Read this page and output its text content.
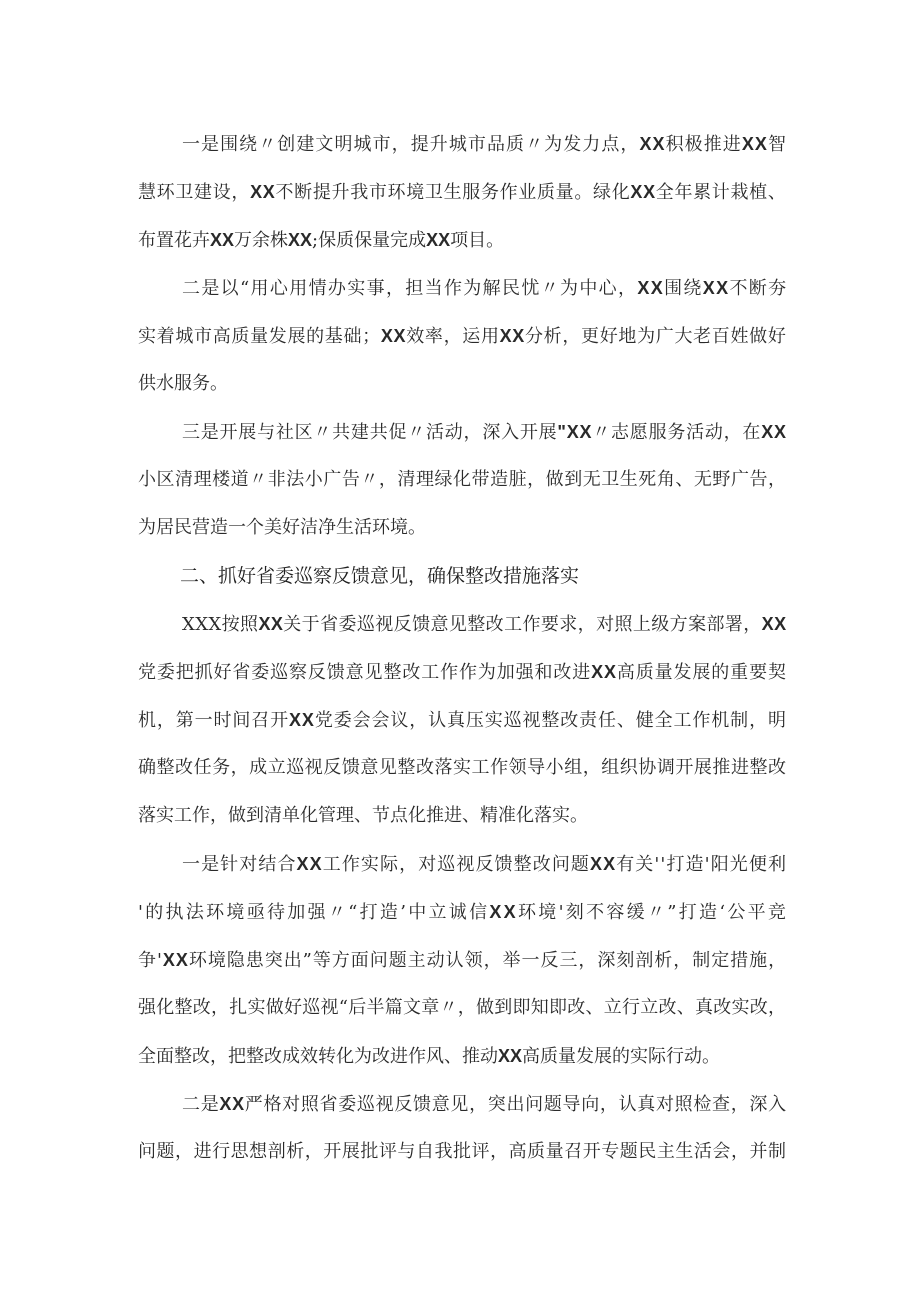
一是围绕〃创建文明城市，提升城市品质〃为发力点，XX积极推进XX智

慧环卫建设，XX不断提升我市环境卫生服务作业质量。绿化XX全年累计栽植、

布置花卉XX万余株XX;保质保量完成XX项目。

二是以“用心用情办实事，担当作为解民忧〃为中心，XX围绕XX不断夯

实着城市高质量发展的基础；XX效率，运用XX分析，更好地为广大老百姓做好

供水服务。

三是开展与社区〃共建共促〃活动，深入开展"XX〃志愿服务活动，在XX

小区清理楼道〃非法小广告〃，清理绿化带造脏，做到无卫生死角、无野广告，

为居民营造一个美好洁净生活环境。

二、抓好省委巡察反馈意见，确保整改措施落实

XXX按照XX关于省委巡视反馈意见整改工作要求，对照上级方案部署，XX

党委把抓好省委巡察反馈意见整改工作作为加强和改进XX高质量发展的重要契

机，第一时间召开XX党委会会议，认真压实巡视整改责任、健全工作机制，明

确整改任务，成立巡视反馈意见整改落实工作领导小组，组织协调开展推进整改

落实工作，做到清单化管理、节点化推进、精准化落实。

一是针对结合XX工作实际，对巡视反馈整改问题XX有关''打造'阳光便利

'的执法环境亟待加强〃“打造’中立诚信XX环境'刻不容缓〃”打造‘公平竞

争'XX环境隐患突出”等方面问题主动认领，举一反三，深刻剖析，制定措施，

强化整改，扎实做好巡视“后半篇文章〃，做到即知即改、立行立改、真改实改，

全面整改，把整改成效转化为改进作风、推动XX高质量发展的实际行动。

二是XX严格对照省委巡视反馈意见，突出问题导向，认真对照检查，深入

问题，进行思想剖析，开展批评与自我批评，高质量召开专题民主生活会，并制
